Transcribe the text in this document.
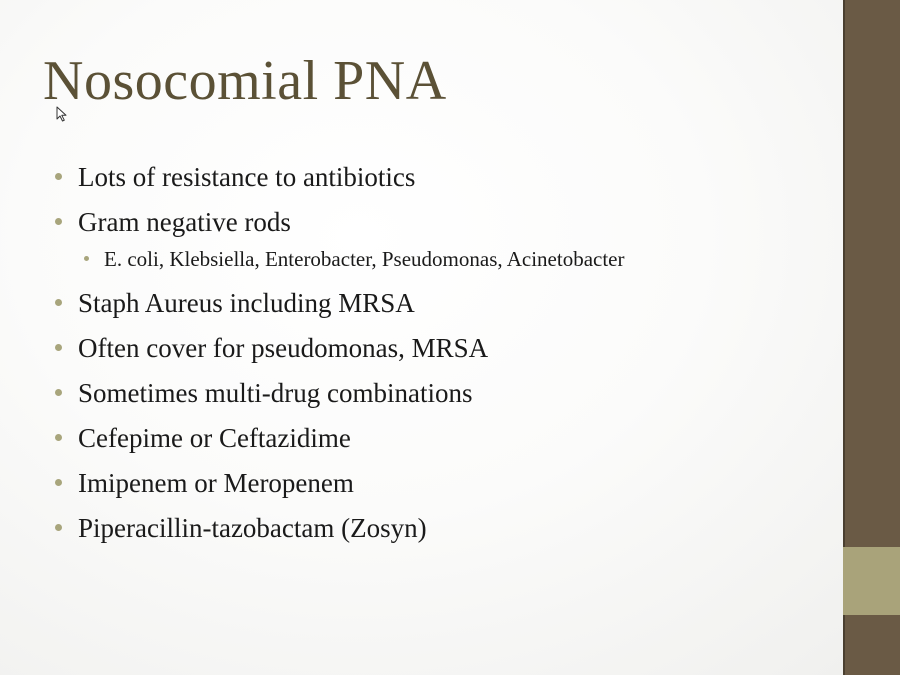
Nosocomial PNA
Lots of resistance to antibiotics
Gram negative rods
E. coli, Klebsiella, Enterobacter, Pseudomonas, Acinetobacter
Staph Aureus including MRSA
Often cover for pseudomonas, MRSA
Sometimes multi-drug combinations
Cefepime or Ceftazidime
Imipenem or Meropenem
Piperacillin-tazobactam (Zosyn)
